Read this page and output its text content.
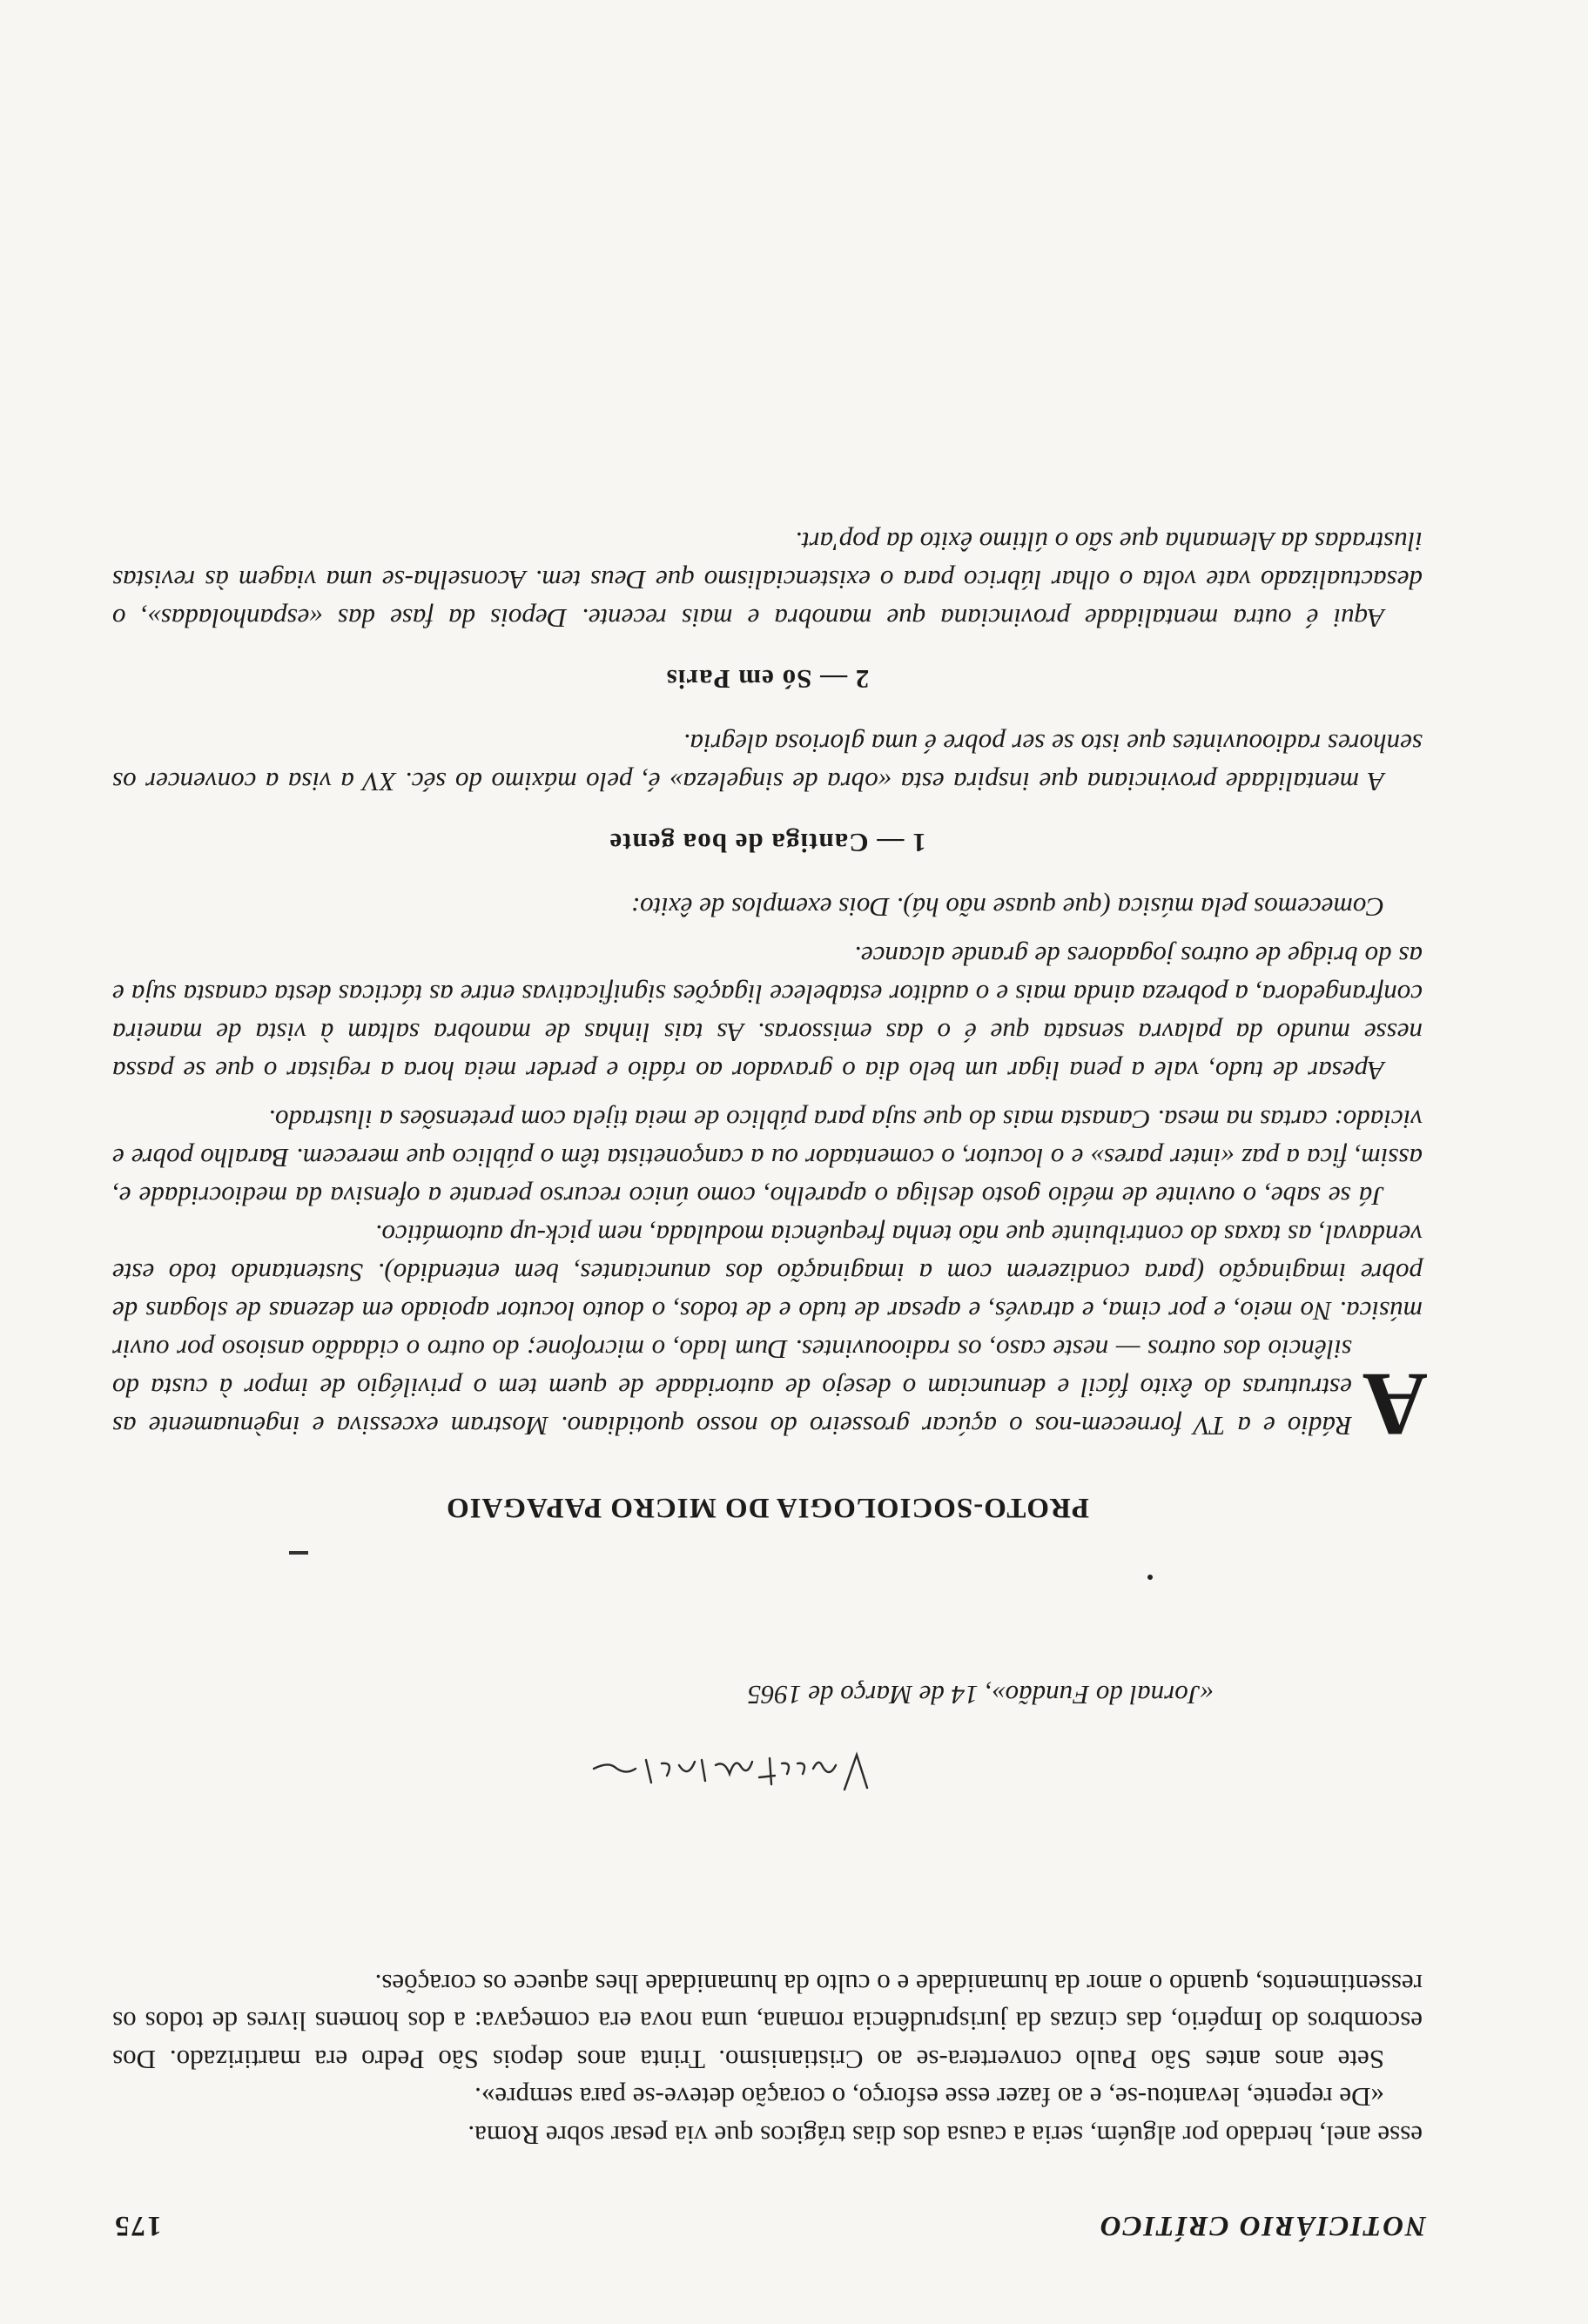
NOTICIÁRIO CRÍTICO
175

esse anel, herdado por alguém, seria a causa dos dias trágicos que via pesar sobre Roma.

«De repente, levantou-se, e ao fazer esse esforço, o coração deteve-se para sempre».

Sete anos antes São Paulo convertera-se ao Cristianismo. Trinta anos depois São Pedro era martirizado. Dos escombros do Império, das cinzas da jurisprudência romana, uma nova era começava: a dos homens livres de todos os ressentimentos, quando o amor da humanidade e o culto da humanidade lhes aquece os corações.

«Jornal do Fundão», 14 de Março de 1965
PROTO-SOCIOLOGIA DO MICRO PAPAGAIO

A
Rádio e a TV fornecem-nos o açúcar grosseiro do nosso quotidiano. Mostram excessiva e ingènuamente as estruturas do êxito fácil e denunciam o desejo de autoridade de quem tem o privilégio de impor à custa do silêncio dos outros — neste caso, os radioouvintes. Dum lado, o microfone; do outro o cidadão ansioso por ouvir música. No meio, e por cima, e através, e apesar de tudo e de todos, o douto locutor apoiado em dezenas de slogans de pobre imaginação (para condizerem com a imaginação dos anunciantes, bem entendido). Sustentando todo este vendaval, as taxas do contribuinte que não tenha frequência modulada, nem pick-up automático.

Já se sabe, o ouvinte de médio gosto desliga o aparelho, como único recurso perante a ofensiva da mediocridade e, assim, fica a paz «inter pares» e o locutor, o comentador ou a cançonetista têm o público que merecem. Baralho pobre e viciado: cartas na mesa. Canasta mais do que suja para público de meia tijela com pretensões a ilustrado.

Apesar de tudo, vale a pena ligar um belo dia o gravador ao rádio e perder meia hora a registar o que se passa nesse mundo da palavra sensata que é o das emissoras. As tais linhas de manobra saltam à vista de maneira confrangedora, a pobreza ainda mais e o auditor estabelece ligações significativas entre as tácticas desta canasta suja e as do bridge de outros jogadores de grande alcance.

Comecemos pela música (que quase não há). Dois exemplos de êxito:

1 — Cantiga de boa gente

A mentalidade provinciana que inspira esta «obra de singeleza» é, pelo máximo do séc. XV a visa a convencer os senhores radioouvintes que isto se ser pobre é uma gloriosa alegria.

2 — Só em Paris

Aqui é outra mentalidade provinciana que manobra e mais recente. Depois da fase das «espanholadas», o desactualizado vate volta o olhar lúbrico para o existencialismo que Deus tem. Aconselha-se uma viagem às revistas ilustradas da Alemanha que são o último êxito da pop'art.
